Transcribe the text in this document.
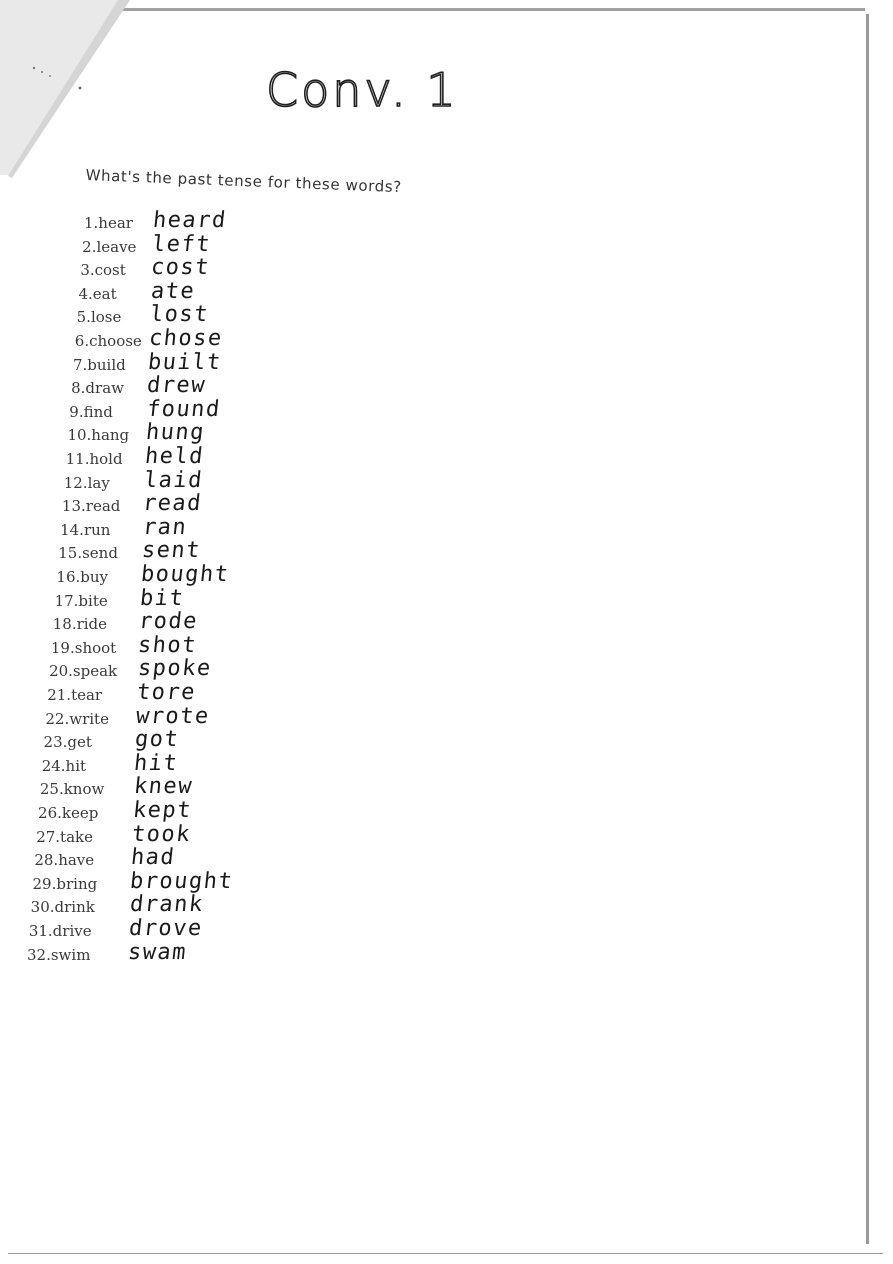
Conv. 1
What's the past tense for these words?
1.hear heard
2.leave left
3.cost cost
4.eat ate
5.lose lost
6.choose chose
7.build built
8.draw drew
9.find found
10.hang hung
11.hold held
12.lay laid
13.read read
14.run ran
15.send sent
16.buy bought
17.bite bit
18.ride rode
19.shoot shot
20.speak spoke
21.tear tore
22.write wrote
23.get got
24.hit hit
25.know knew
26.keep kept
27.take took
28.have had
29.bring brought
30.drink drank
31.drive drove
32.swim swam
